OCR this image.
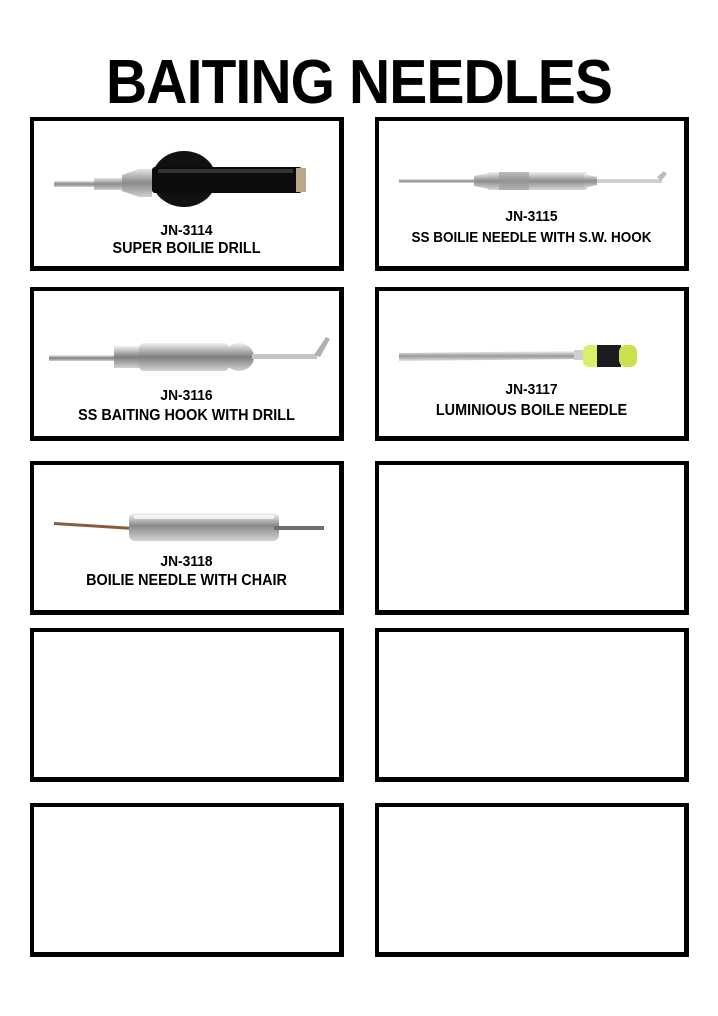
BAITING NEEDLES
JN-3114
SUPER BOILIE DRILL
JN-3115
SS BOILIE NEEDLE WITH S.W. HOOK
JN-3116
SS BAITING HOOK WITH DRILL
JN-3117
LUMINIOUS BOILE NEEDLE
JN-3118
BOILIE NEEDLE WITH CHAIR
